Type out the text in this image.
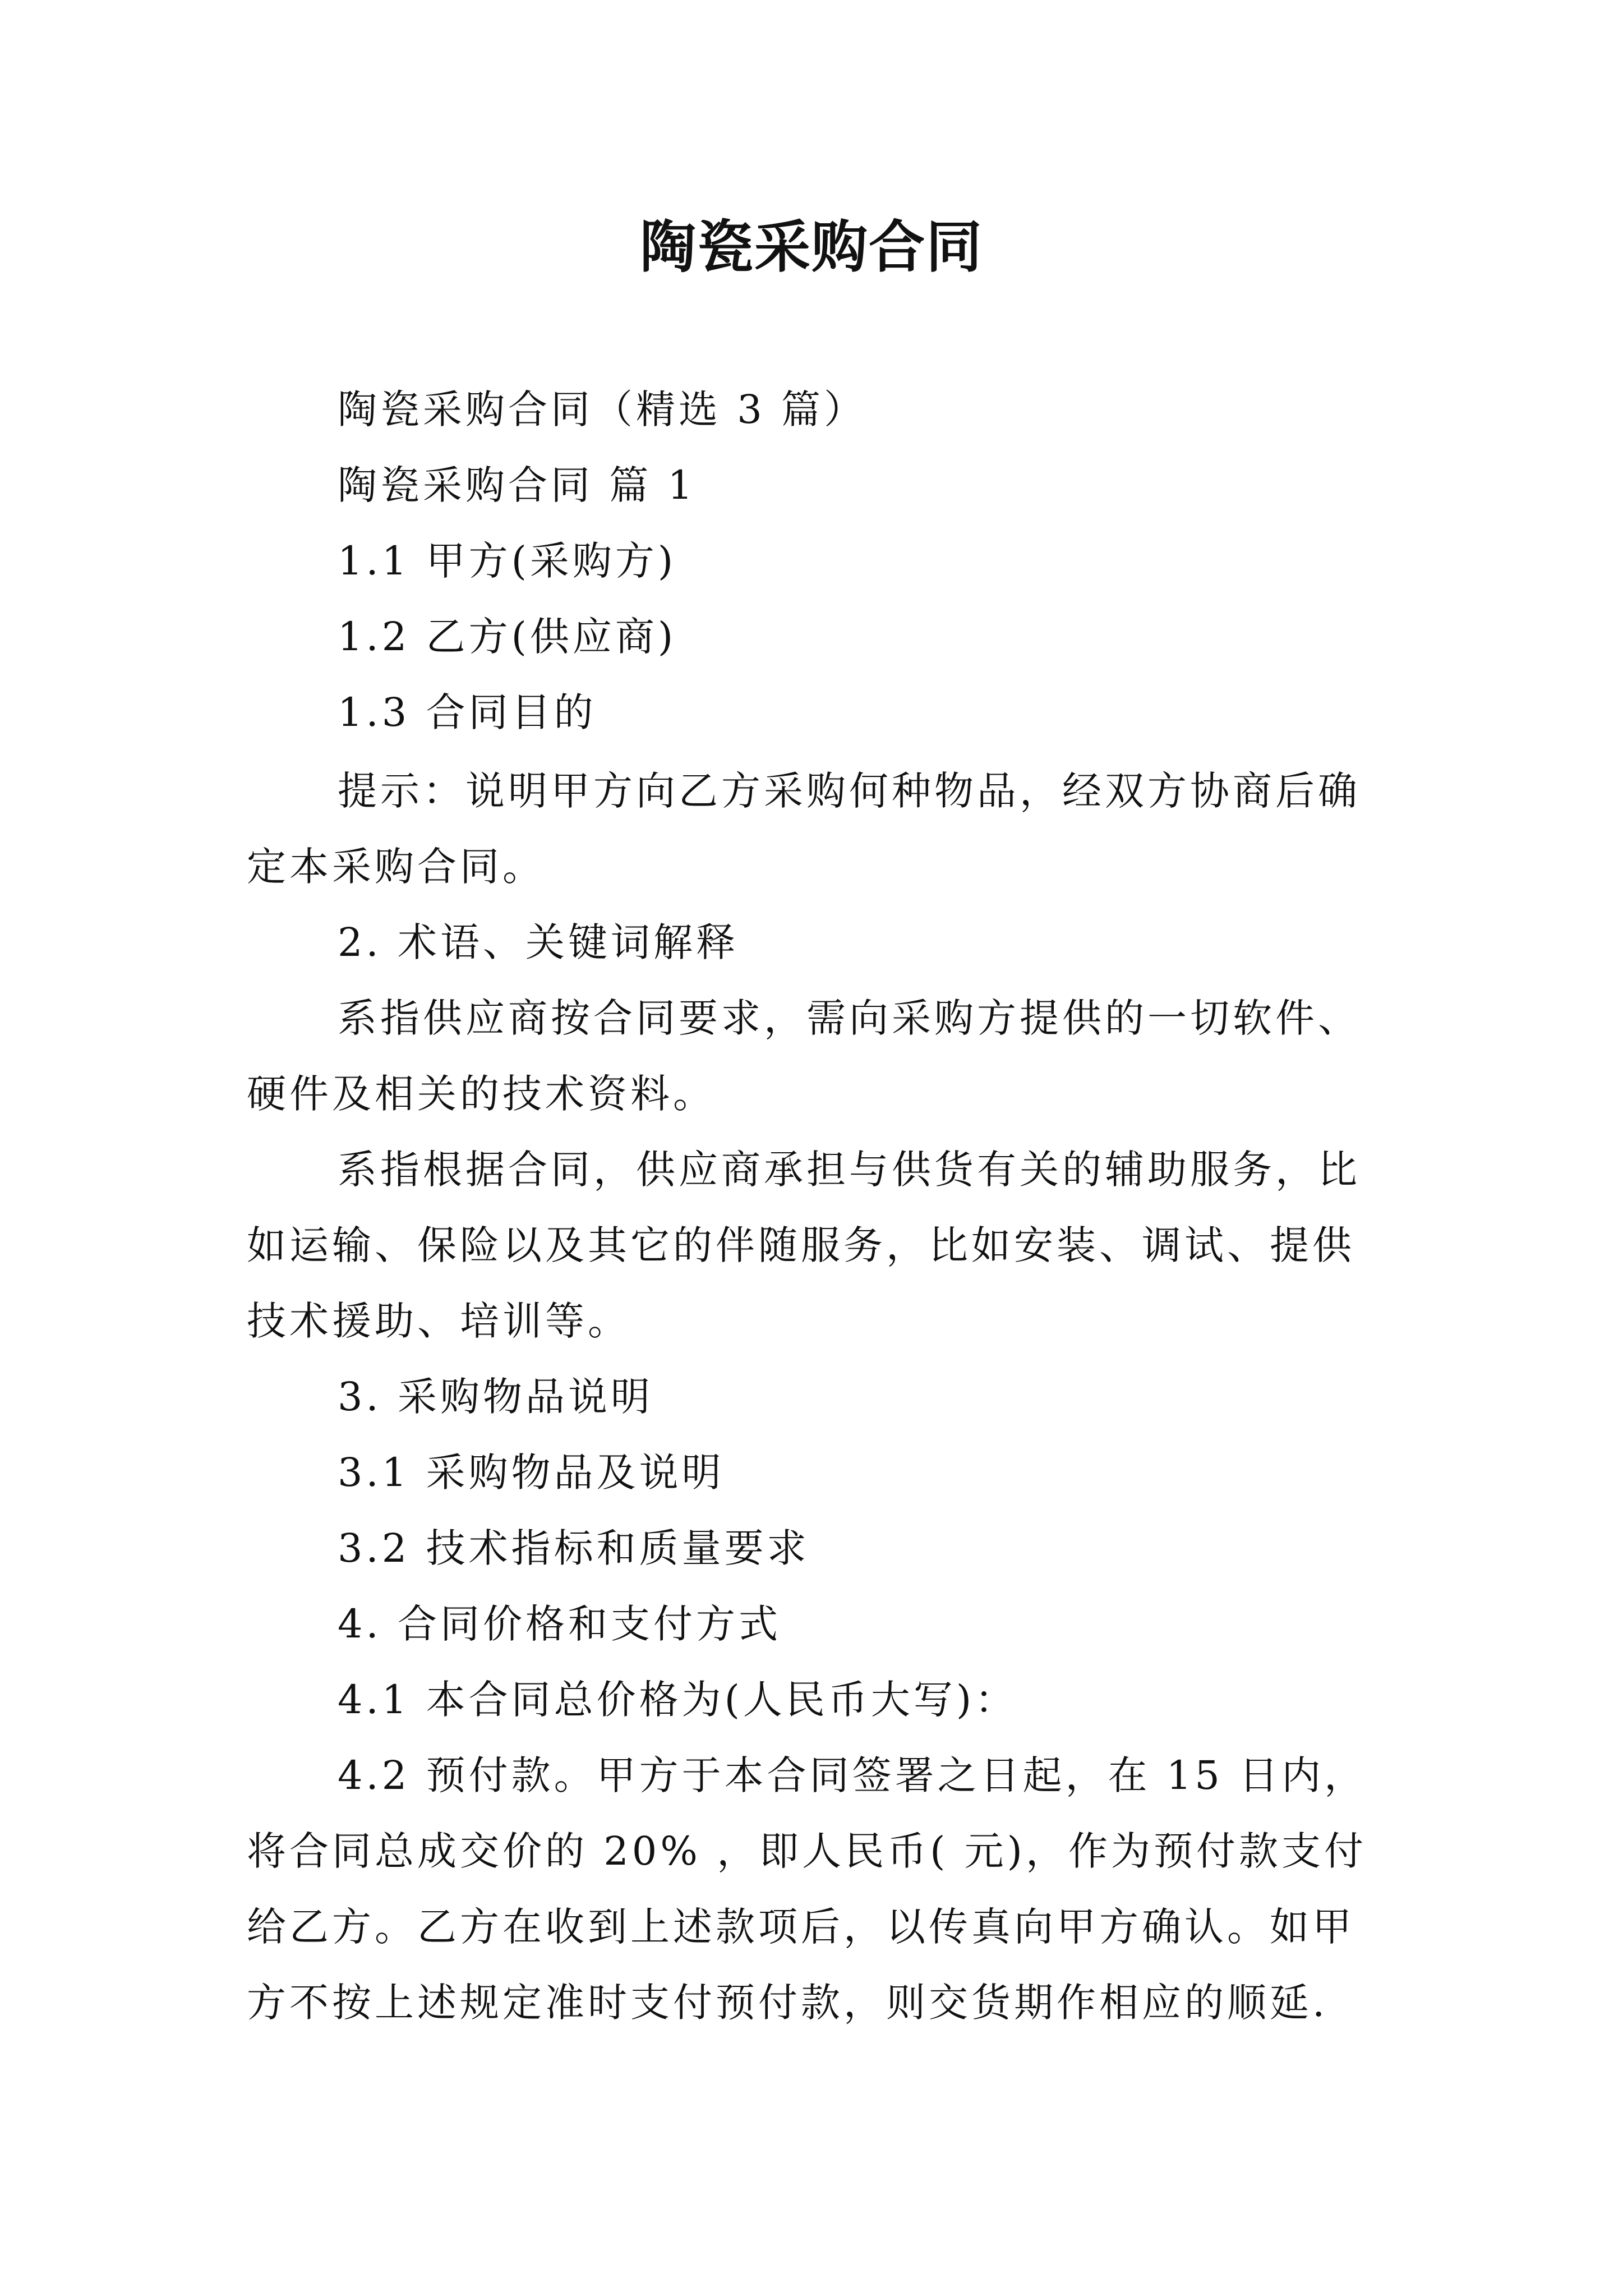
陶瓷采购合同
陶瓷采购合同（精选 3 篇）
陶瓷采购合同 篇 1
1.1 甲方(采购方)
1.2 乙方(供应商)
1.3 合同目的
提示：说明甲方向乙方采购何种物品，经双方协商后确
定本采购合同。
2. 术语、关键词解释
系指供应商按合同要求，需向采购方提供的一切软件、
硬件及相关的技术资料。
系指根据合同，供应商承担与供货有关的辅助服务，比
如运输、保险以及其它的伴随服务，比如安装、调试、提供
技术援助、培训等。
3. 采购物品说明
3.1 采购物品及说明
3.2 技术指标和质量要求
4. 合同价格和支付方式
4.1 本合同总价格为(人民币大写)：
4.2 预付款。甲方于本合同签署之日起，在 15 日内，
将合同总成交价的 20% ，即人民币( 元)，作为预付款支付
给乙方。乙方在收到上述款项后，以传真向甲方确认。如甲
方不按上述规定准时支付预付款，则交货期作相应的顺延.
